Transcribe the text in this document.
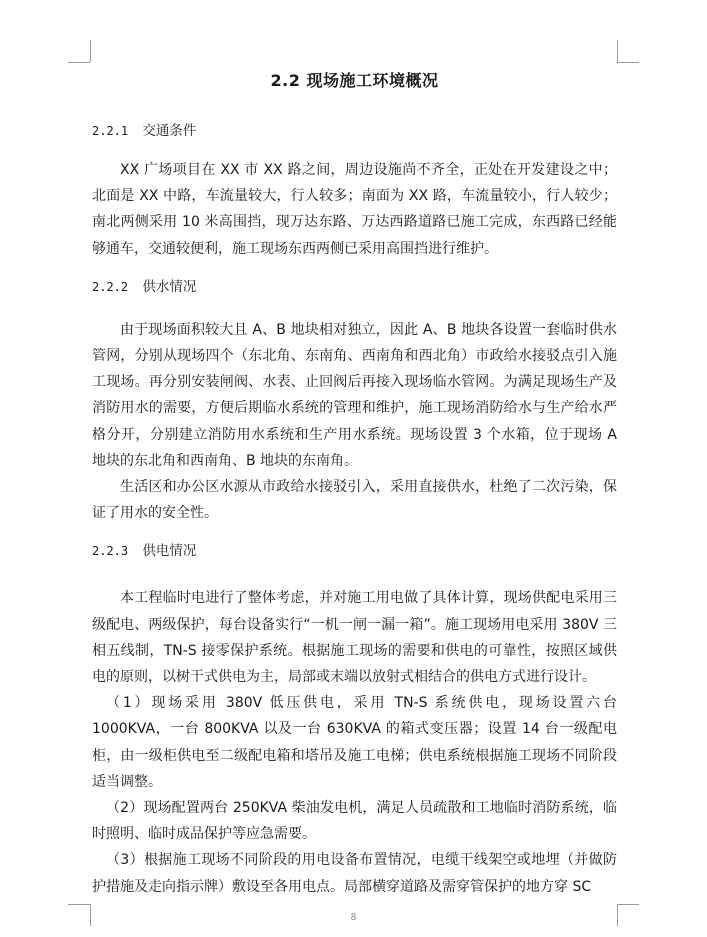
2.2 现场施工环境概况
2.2.1 交通条件

XX 广场项目在 XX 市 XX 路之间，周边设施尚不齐全，正处在开发建设之中；北面是 XX 中路，车流量较大，行人较多；南面为 XX 路，车流量较小，行人较少；南北两侧采用 10 米高围挡，现万达东路、万达西路道路已施工完成，东西路已经能够通车，交通较便利，施工现场东西两侧已采用高围挡进行维护。

2.2.2 供水情况

由于现场面积较大且 A、B 地块相对独立，因此 A、B 地块各设置一套临时供水管网，分别从现场四个（东北角、东南角、西南角和西北角）市政给水接驳点引入施工现场。再分别安装闸阀、水表、止回阀后再接入现场临水管网。为满足现场生产及消防用水的需要，方便后期临水系统的管理和维护，施工现场消防给水与生产给水严格分开，分别建立消防用水系统和生产用水系统。现场设置 3 个水箱，位于现场 A 地块的东北角和西南角、B 地块的东南角。

生活区和办公区水源从市政给水接驳引入，采用直接供水，杜绝了二次污染，保证了用水的安全性。

2.2.3 供电情况

本工程临时电进行了整体考虑，并对施工用电做了具体计算，现场供配电采用三级配电、两级保护，每台设备实行“一机一闸一漏一箱”。施工现场用电采用 380V 三相五线制，TN-S 接零保护系统。根据施工现场的需要和供电的可靠性，按照区域供电的原则，以树干式供电为主，局部或末端以放射式相结合的供电方式进行设计。

（1）现场采用 380V 低压供电，采用 TN-S 系统供电，现场设置六台 1000KVA，一台 800KVA 以及一台 630KVA 的箱式变压器；设置 14 台一级配电柜，由一级柜供电至二级配电箱和塔吊及施工电梯；供电系统根据施工现场不同阶段适当调整。

（2）现场配置两台 250KVA 柴油发电机，满足人员疏散和工地临时消防系统，临时照明、临时成品保护等应急需要。

（3）根据施工现场不同阶段的用电设备布置情况，电缆干线架空或地埋（并做防护措施及走向指示牌）敷设至各用电点。局部横穿道路及需穿管保护的地方穿 SC

8
